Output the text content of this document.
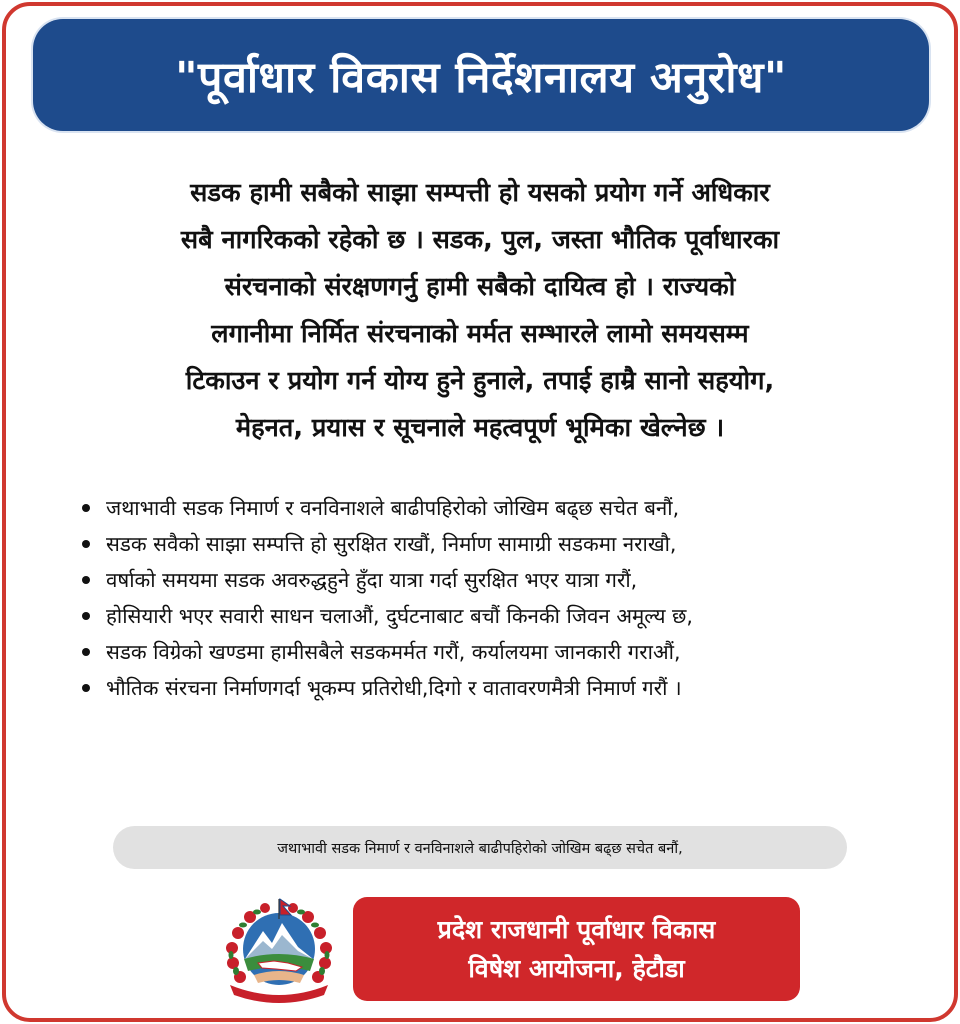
"पूर्वाधार विकास निर्देशनालय अनुरोध"
सडक हामी सबैको साझा सम्पत्ती हो यसको प्रयोग गर्ने अधिकार
सबै नागरिकको रहेको छ । सडक, पुल, जस्ता भौतिक पूर्वाधारका
संरचनाको संरक्षणगर्नु हामी सबैको दायित्व हो । राज्यको
लगानीमा निर्मित संरचनाको मर्मत सम्भारले लामो समयसम्म
टिकाउन र प्रयोग गर्न योग्य हुने हुनाले, तपाई हाम्रै सानो सहयोग,
मेहनत, प्रयास र सूचनाले महत्वपूर्ण भूमिका खेल्नेछ ।
जथाभावी सडक निमार्ण र वनविनाशले बाढीपहिरोको जोखिम बढ्छ सचेत बनौं,
सडक सवैको साझा सम्पत्ति हो सुरक्षित राखौं, निर्माण सामाग्री सडकमा नराखौ,
वर्षाको समयमा सडक अवरुद्धहुने हुँदा यात्रा गर्दा सुरक्षित भएर यात्रा गरौं,
होसियारी भएर सवारी साधन चलाऔं, दुर्घटनाबाट बचौं किनकी जिवन अमूल्य छ,
सडक विग्रेको खण्डमा हामीसबैले सडकमर्मत गरौं, कर्यालयमा जानकारी गराऔं,
भौतिक संरचना निर्माणगर्दा भूकम्प प्रतिरोधी,दिगो र वातावरणमैत्री निमार्ण गरौं ।
जथाभावी सडक निमार्ण र वनविनाशले बाढीपहिरोको जोखिम बढ्छ सचेत बनौं,
प्रदेश राजधानी पूर्वाधार विकास
विषेश आयोजना, हेटौडा
